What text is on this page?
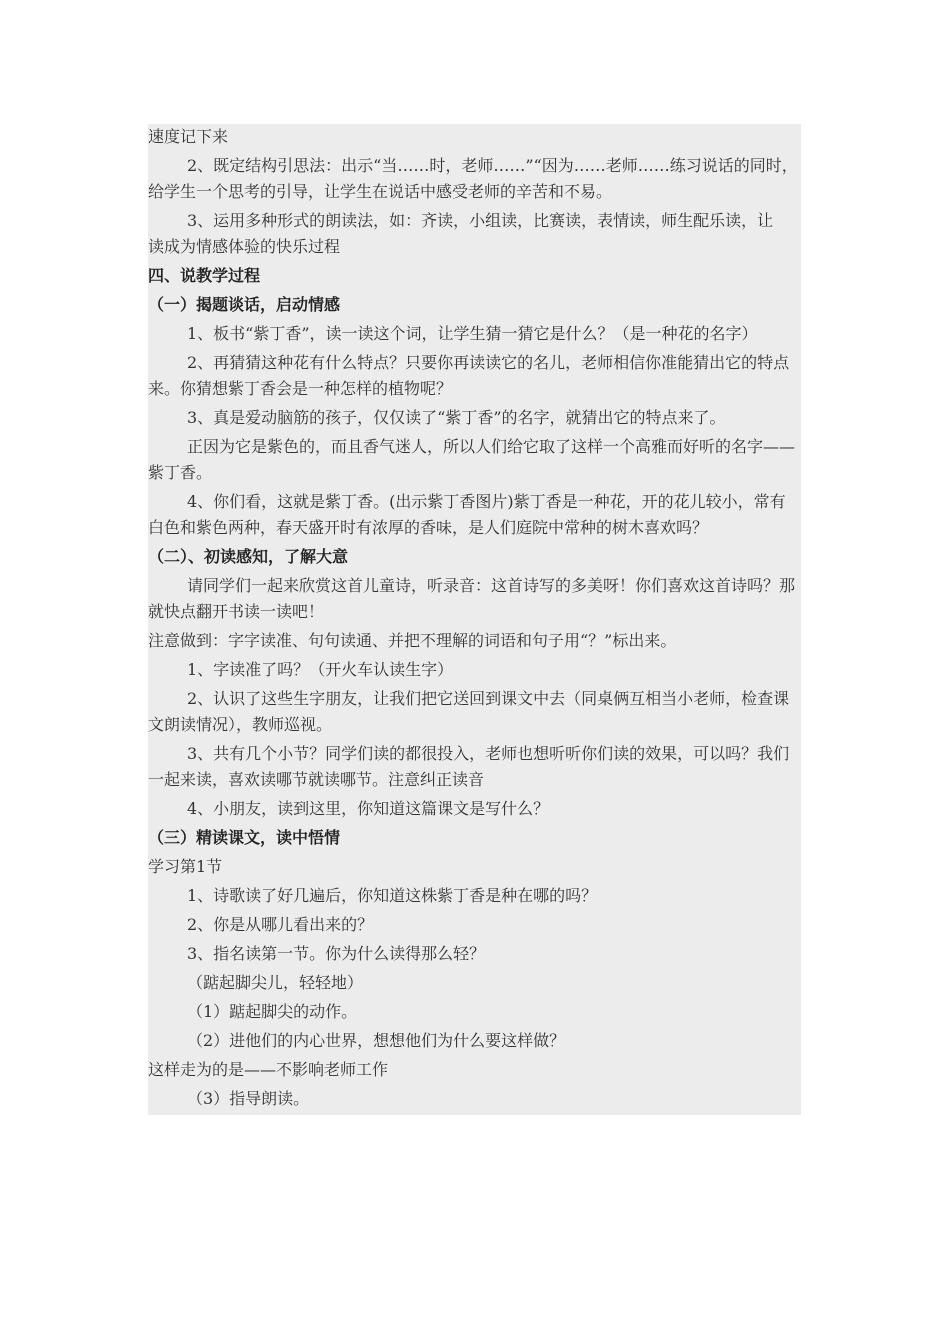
速度记下来

2、既定结构引思法：出示“当……时，老师……”“因为……老师……练习说话的同时，给学生一个思考的引导，让学生在说话中感受老师的辛苦和不易。

3、运用多种形式的朗读法，如：齐读，小组读，比赛读，表情读，师生配乐读，让读成为情感体验的快乐过程

四、说教学过程

（一）揭题谈话，启动情感

1、板书“紫丁香”，读一读这个词，让学生猜一猜它是什么？（是一种花的名字）

2、再猜猜这种花有什么特点？只要你再读读它的名儿，老师相信你准能猜出它的特点来。你猜想紫丁香会是一种怎样的植物呢？

3、真是爱动脑筋的孩子，仅仅读了“紫丁香”的名字，就猜出它的特点来了。

正因为它是紫色的，而且香气迷人，所以人们给它取了这样一个高雅而好听的名字——紫丁香。

4、你们看，这就是紫丁香。(出示紫丁香图片)紫丁香是一种花，开的花儿较小，常有白色和紫色两种，春天盛开时有浓厚的香味，是人们庭院中常种的树木喜欢吗？

（二）、初读感知，了解大意

请同学们一起来欣赏这首儿童诗，听录音：这首诗写的多美呀！你们喜欢这首诗吗？那就快点翻开书读一读吧！

注意做到：字字读准、句句读通、并把不理解的词语和句子用“？”标出来。

1、字读准了吗？（开火车认读生字）

2、认识了这些生字朋友，让我们把它送回到课文中去（同桌俩互相当小老师，检查课文朗读情况），教师巡视。

3、共有几个小节？同学们读的都很投入，老师也想听听你们读的效果，可以吗？我们一起来读，喜欢读哪节就读哪节。注意纠正读音

4、小朋友，读到这里，你知道这篇课文是写什么？

（三）精读课文，读中悟情

学习第1节

1、诗歌读了好几遍后，你知道这株紫丁香是种在哪的吗？

2、你是从哪儿看出来的？

3、指名读第一节。你为什么读得那么轻？

（踮起脚尖儿，轻轻地）

（1）踮起脚尖的动作。

（2）进他们的内心世界，想想他们为什么要这样做？

这样走为的是——不影响老师工作

（3）指导朗读。
